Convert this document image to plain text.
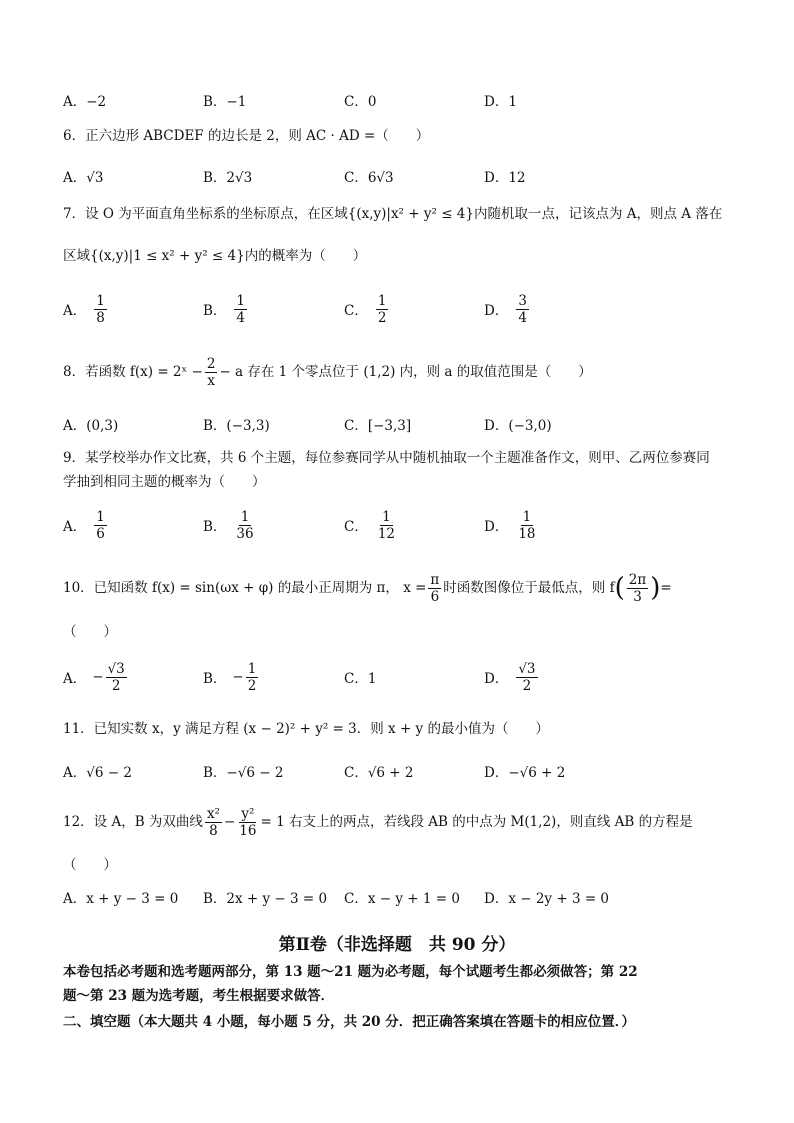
A．−2	B．−1	C．0	D．1
6．正六边形 ABCDEF 的边长是 2，则 AC · AD =（　　）
A．√3	B．2√3	C．6√3	D．12
7．设 O 为平面直角坐标系的坐标原点，在区域{(x,y)|x² + y² ≤ 4}内随机取一点，记该点为 A，则点 A 落在
区域{(x,y)|1 ≤ x² + y² ≤ 4}内的概率为（　　）
A． $\frac{1}{8}$	B． $\frac{1}{4}$	C． $\frac{1}{2}$	D． $\frac{3}{4}$
8．若函数 f(x) = 2ˣ − $\frac{2}{x} - a$ 存在 1 个零点位于 (1,2) 内，则 a 的取值范围是（　　）
A．(0,3)	B．(−3,3)	C．[−3,3]	D．(−3,0)
9．某学校举办作文比赛，共 6 个主题，每位参赛同学从中随机抽取一个主题准备作文，则甲、乙两位参赛同
学抽到相同主题的概率为（　　）
A． $\frac{1}{6}$	B． $\frac{1}{36}$	C． $\frac{1}{12}$	D． $\frac{1}{18}$
10．已知函数 f(x) = sin(ωx + φ) 的最小正周期为 π， $x = \frac{\pi}{6}$ 时函数图像位于最低点，则 f ( $\frac{2\pi}{3}$ ) =
（　　）
A． − $\frac{√3}{2}$	B． − $\frac{1}{2}$	C．1	D． $\frac{√3}{2}$
11．已知实数 x，y 满足方程 (x − 2)² + y² = 3．则 x + y 的最小值为（　　）
A．√6 − 2	B．−√6 − 2	C．√6 + 2	D．−√6 + 2
12．设 A，B 为双曲线 $\frac{\text{x²}}{8} - \frac{\text{y²}}{16} = 1$ 右支上的两点，若线段 AB 的中点为 M(1,2)，则直线 AB 的方程是
（　　）
A．x + y − 3 = 0 B．2x + y − 3 = 0 C．x − y + 1 = 0 D．x − 2y + 3 = 0
第Ⅱ卷（非选择题　共 90 分）
本卷包括必考题和选考题两部分，第 13 题～21 题为必考题，每个试题考生都必须做答；第 22
题～第 23 题为选考题，考生根据要求做答．
二、填空题（本大题共 4 小题，每小题 5 分，共 20 分．把正确答案填在答题卡的相应位置．）
